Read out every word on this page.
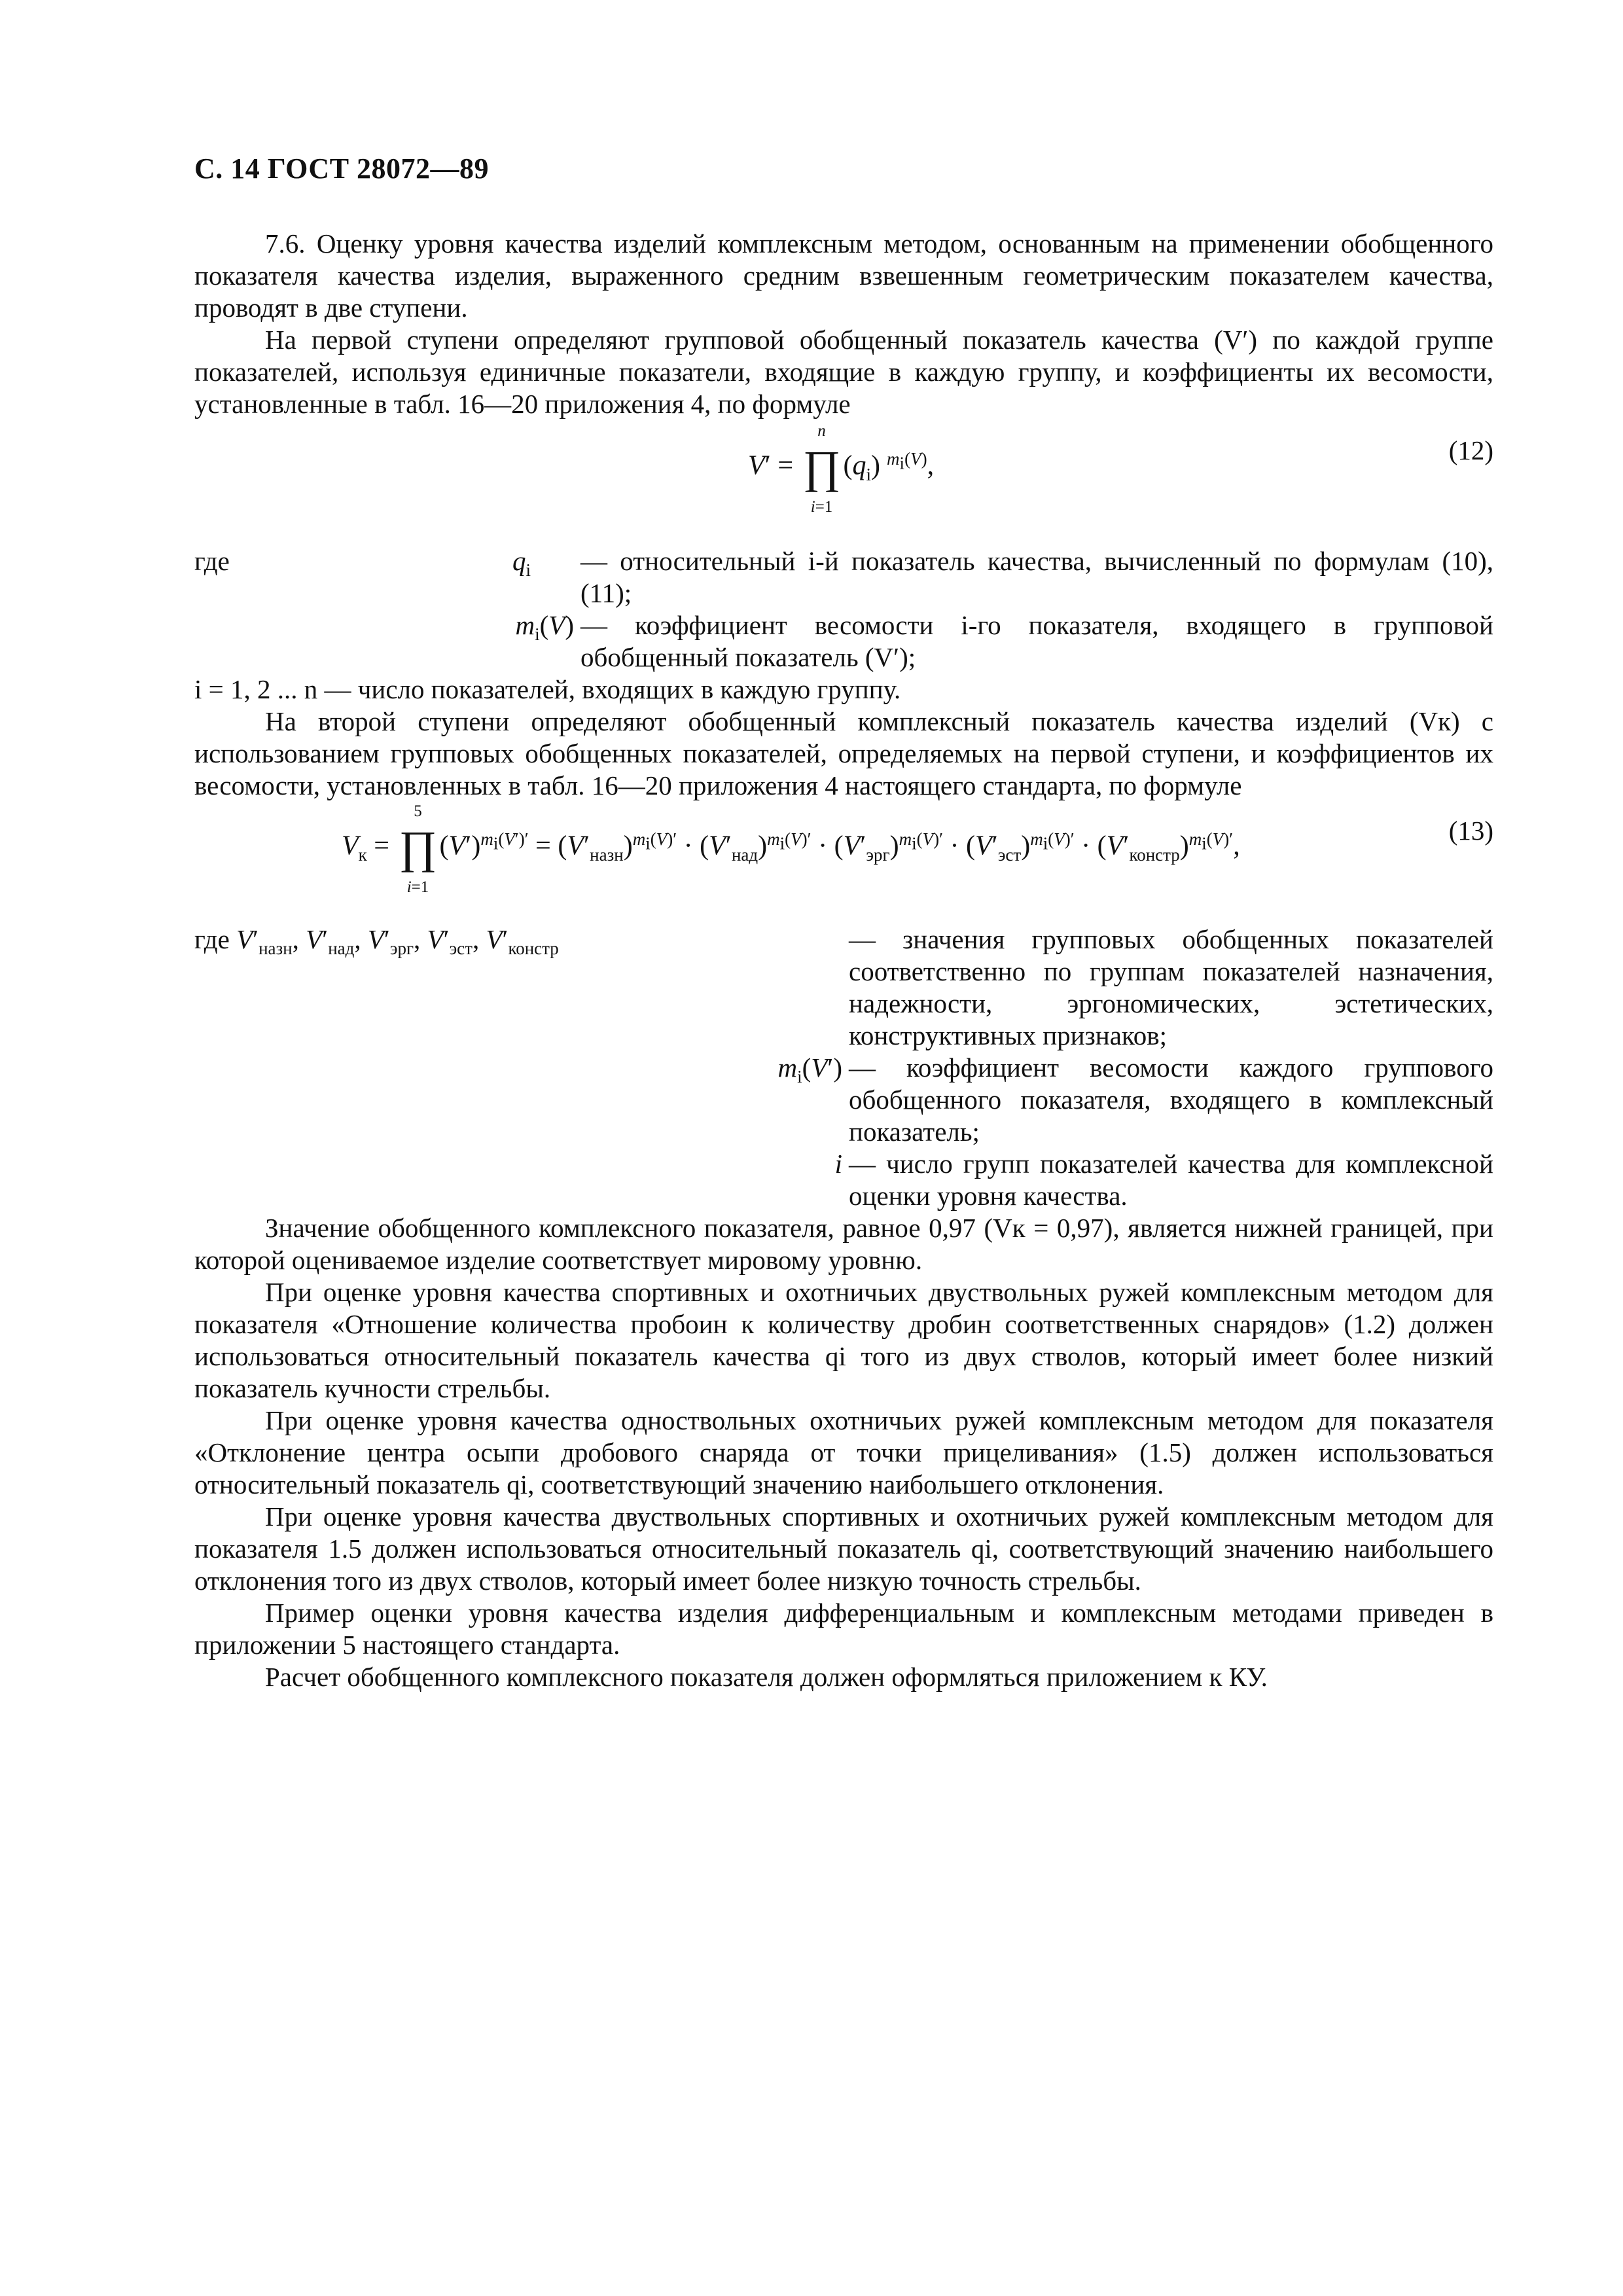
С. 14 ГОСТ 28072—89

7.6. Оценку уровня качества изделий комплексным методом, основанным на применении обобщенного показателя качества изделия, выраженного средним взвешенным геометрическим показателем качества, проводят в две ступени.

На первой ступени определяют групповой обобщенный показатель качества (V′) по каждой группе показателей, используя единичные показатели, входящие в каждую группу, и коэффициенты их весомости, установленные в табл. 16—20 приложения 4, по формуле

V′ =
n
∏
i=1
$(q_i)$ $^{m_i(V)}$,
(12)
где	$q_i$	— относительный i-й показатель качества, вычисленный по формулам (10), (11);
$m_i(V)$ — коэффициент весомости i-го показателя, входящего в групповой обобщенный показатель (V′);
i = 1, 2 ... n — число показателей, входящих в каждую группу.

На второй ступени определяют обобщенный комплексный показатель качества изделий (Vк) с использованием групповых обобщенных показателей, определяемых на первой ступени, и коэффициентов их весомости, установленных в табл. 16—20 приложения 4 настоящего стандарта, по формуле

$V_к$ =
5
∏
i=1
$(V')^{m_i(V')'} = (V'_{назн})^{m_i(V)'} \cdot (V'_{над})^{m_i(V)'} \cdot (V'_{эрг})^{m_i(V)'} \cdot (V'_{эст})^{m_i(V)'} \cdot (V'_{констр})^{m_i(V)'}$,
(13)
где $V'_{назн}$, $V'_{над}$, $V'_{эрг}$, $V'_{эст}$, $V'_{констр}$	— значения групповых обобщенных показателей соответственно по группам показателей назначения, надежности, эргономических, эстетических, конструктивных признаков;
$m_i(V')$ — коэффициент весомости каждого группового обобщенного показателя, входящего в комплексный показатель;
i — число групп показателей качества для комплексной оценки уровня качества.

Значение обобщенного комплексного показателя, равное 0,97 (Vк = 0,97), является нижней границей, при которой оцениваемое изделие соответствует мировому уровню.

При оценке уровня качества спортивных и охотничьих двуствольных ружей комплексным методом для показателя «Отношение количества пробоин к количеству дробин соответственных снарядов» (1.2) должен использоваться относительный показатель качества qi того из двух стволов, который имеет более низкий показатель кучности стрельбы.

При оценке уровня качества одноствольных охотничьих ружей комплексным методом для показателя «Отклонение центра осыпи дробового снаряда от точки прицеливания» (1.5) должен использоваться относительный показатель qi, соответствующий значению наибольшего отклонения.

При оценке уровня качества двуствольных спортивных и охотничьих ружей комплексным методом для показателя 1.5 должен использоваться относительный показатель qi, соответствующий значению наибольшего отклонения того из двух стволов, который имеет более низкую точность стрельбы.

Пример оценки уровня качества изделия дифференциальным и комплексным методами приведен в приложении 5 настоящего стандарта.

Расчет обобщенного комплексного показателя должен оформляться приложением к КУ.
